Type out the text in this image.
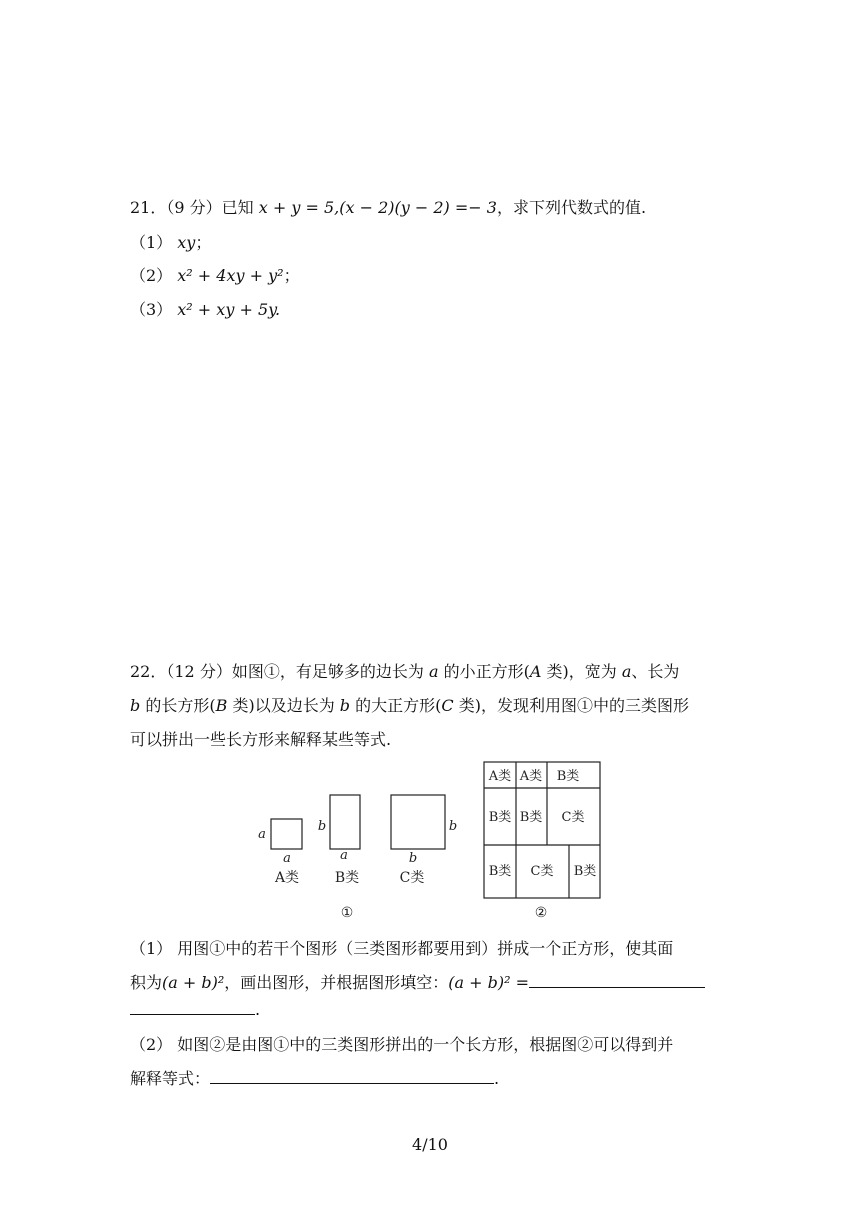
21．（9 分）已知 x + y = 5,(x − 2)(y − 2) =− 3，求下列代数式的值.
（1） xy；
（2） x² + 4xy + y²；
（3） x² + xy + 5y.
22．（12 分）如图①，有足够多的边长为 a 的小正方形(A 类)，宽为 a、长为
b 的长方形(B 类)以及边长为 b 的大正方形(C 类)，发现利用图①中的三类图形
可以拼出一些长方形来解释某些等式.
a
a
b
a
b
b
A类	B类	C类
①
A类 A类 B类
B类 B类 C类
B类 C类 B类
②
（1） 用图①中的若干个图形（三类图形都要用到）拼成一个正方形，使其面
积为(a + b)²，画出图形，并根据图形填空：(a + b)² =
.
（2） 如图②是由图①中的三类图形拼出的一个长方形，根据图②可以得到并
解释等式：	.
4/10
